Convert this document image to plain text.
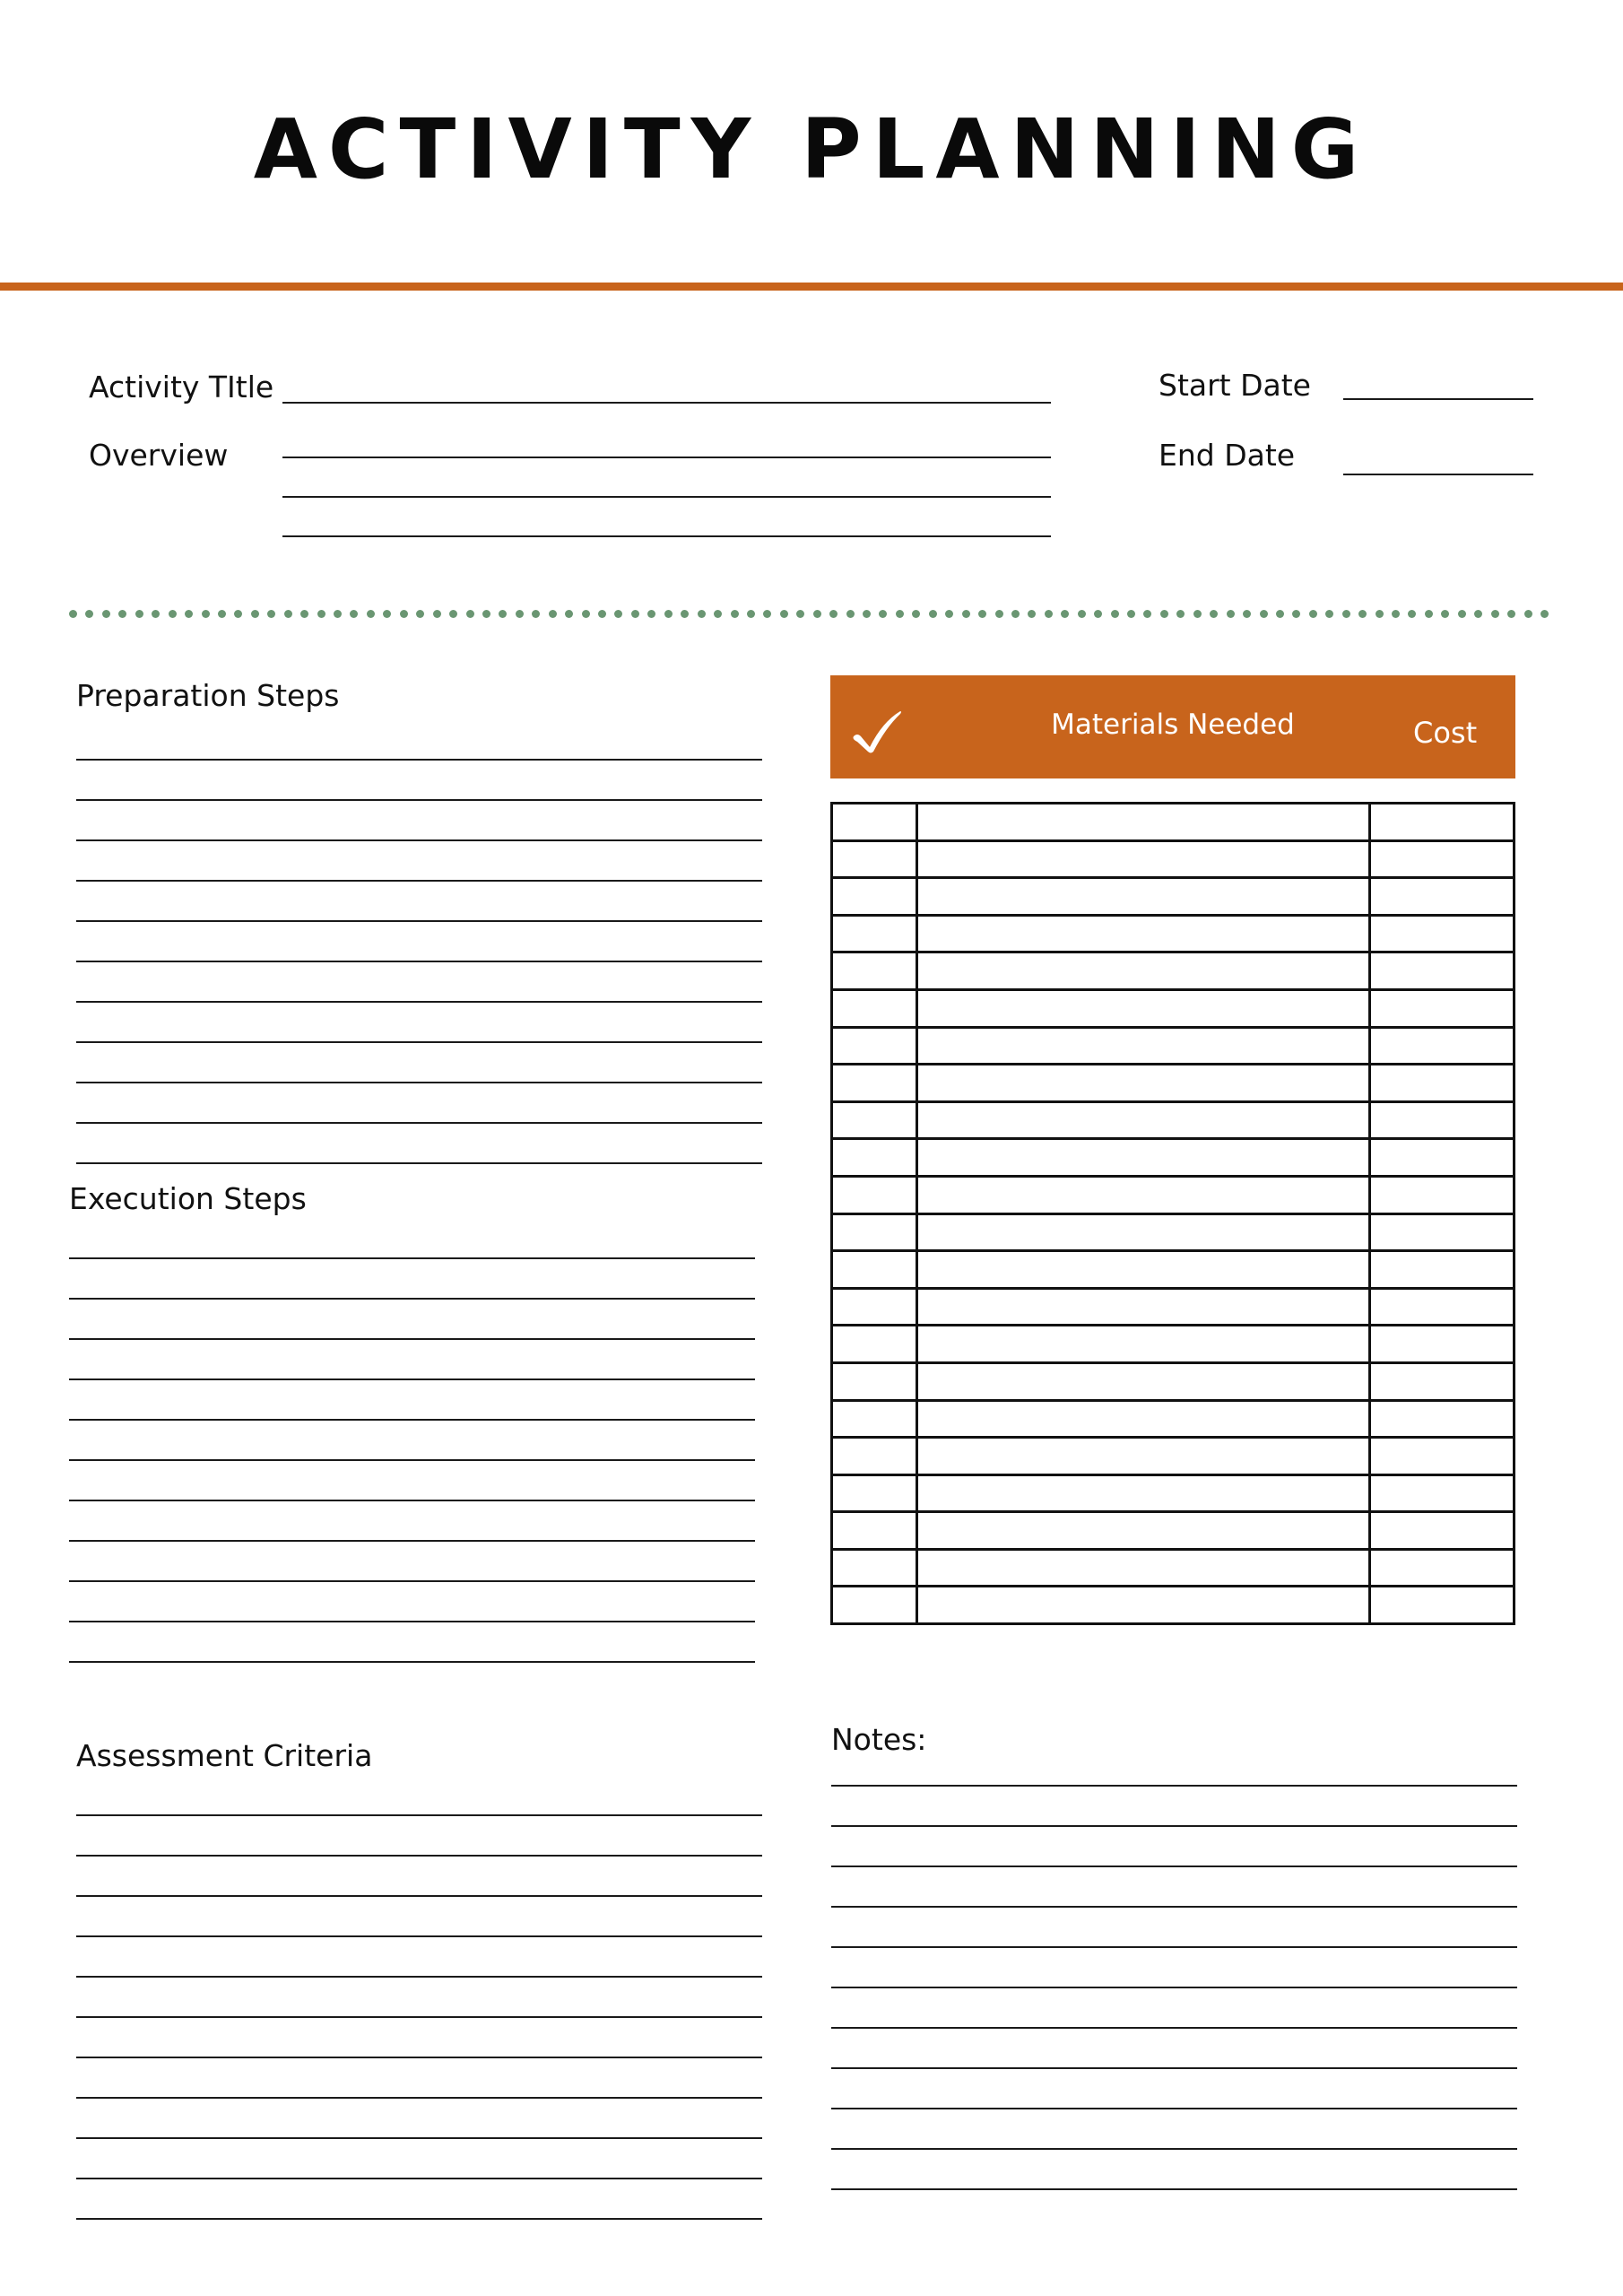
ACTIVITY PLANNING
Activity TItle
Overview
Start Date
End Date
Preparation Steps
Execution Steps
Assessment Criteria
Materials Needed	Cost

Notes:
